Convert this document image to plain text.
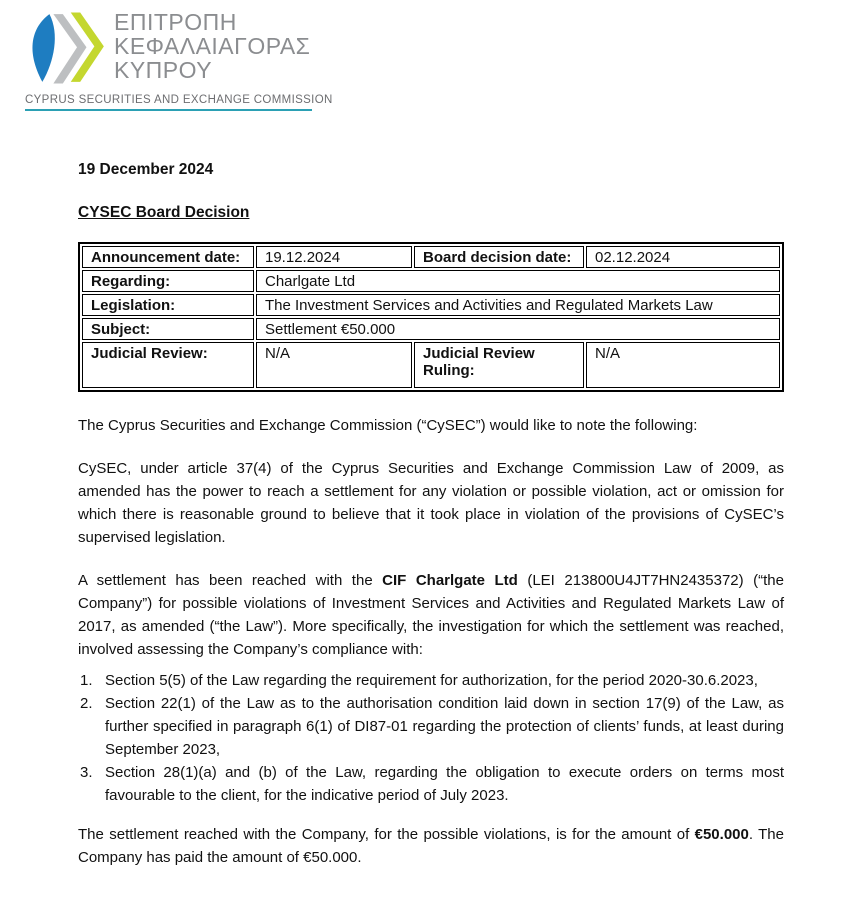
ΕΠΙΤΡΟΠΗ
ΚΕΦΑΛΑΙΑΓΟΡΑΣ
ΚΥΠΡΟΥ
CYPRUS SECURITIES AND EXCHANGE COMMISSION
19 December 2024
CYSEC Board Decision
Announcement date:	19.12.2024	Board decision date:	02.12.2024
Regarding:	Charlgate Ltd		
Legislation:	The Investment Services and Activities and Regulated Markets Law		
Subject:	Settlement €50.000		
Judicial Review:	N/A	Judicial Review Ruling:	N/A

The Cyprus Securities and Exchange Commission (“CySEC”) would like to note the following:

CySEC, under article 37(4) of the Cyprus Securities and Exchange Commission Law of 2009, as amended has the power to reach a settlement for any violation or possible violation, act or omission for which there is reasonable ground to believe that it took place in violation of the provisions of CySEC’s supervised legislation.

A settlement has been reached with the CIF Charlgate Ltd (LEI 213800U4JT7HN2435372) (“the Company”) for possible violations of Investment Services and Activities and Regulated Markets Law of 2017, as amended (“the Law”). More specifically, the investigation for which the settlement was reached, involved assessing the Company’s compliance with:

Section 5(5) of the Law regarding the requirement for authorization, for the period 2020-30.6.2023,
Section 22(1) of the Law as to the authorisation condition laid down in section 17(9) of the Law, as further specified in paragraph 6(1) of DI87-01 regarding the protection of clients’ funds, at least during September 2023,
Section 28(1)(a) and (b) of the Law, regarding the obligation to execute orders on terms most favourable to the client, for the indicative period of July 2023.

The settlement reached with the Company, for the possible violations, is for the amount of €50.000. The Company has paid the amount of €50.000.
